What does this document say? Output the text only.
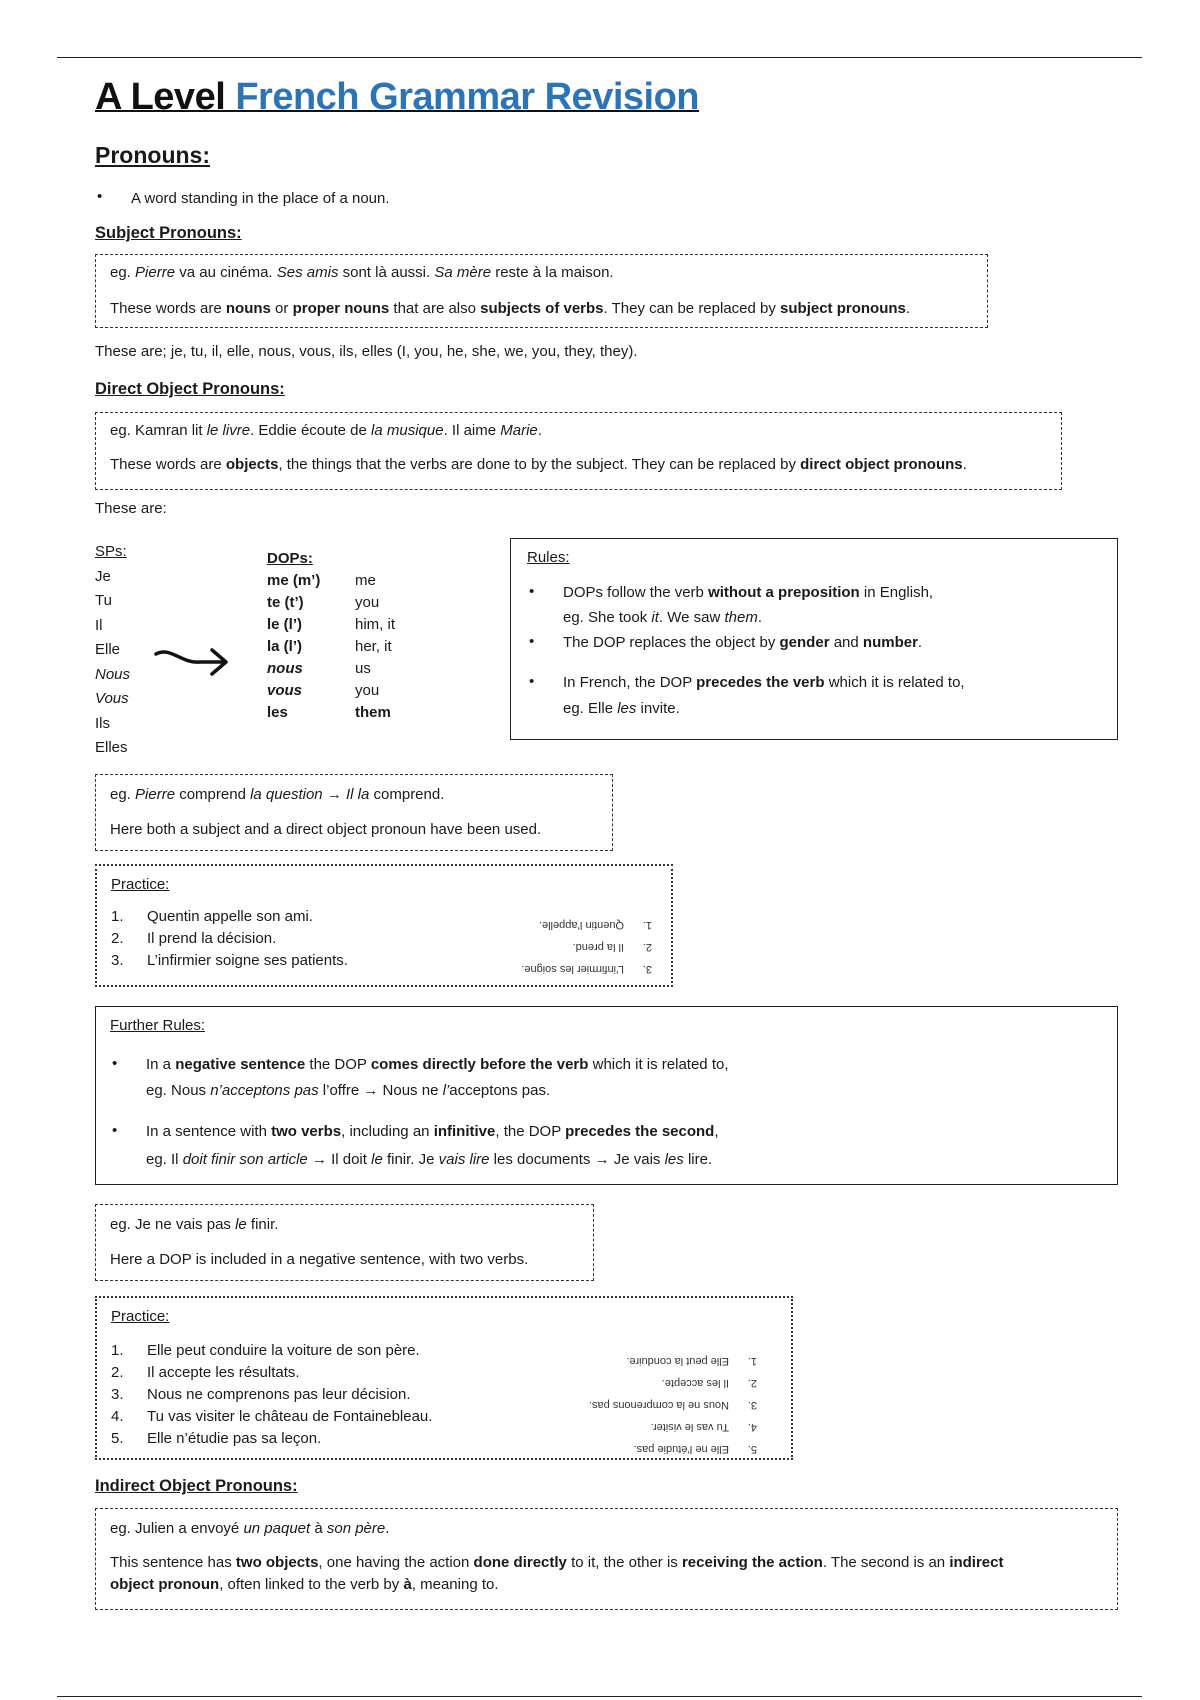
A Level French Grammar Revision
Pronouns:
• A word standing in the place of a noun.

Subject Pronouns:

eg. Pierre va au cinéma. Ses amis sont là aussi. Sa mère reste à la maison.

These words are nouns or proper nouns that are also subjects of verbs. They can be replaced by subject pronouns.

These are; je, tu, il, elle, nous, vous, ils, elles (I, you, he, she, we, you, they, they).

Direct Object Pronouns:

eg. Kamran lit le livre. Eddie écoute de la musique. Il aime Marie.

These words are objects, the things that the verbs are done to by the subject. They can be replaced by direct object pronouns.

These are:

SPs:
Je
Tu
Il
Elle
Nous
Vous
Ils
Elles
DOPs:
me (m’)
te (t’)
le (l’)
la (l’)
nous
vous
les
me
you
him, it
her, it
us
you
them

Rules:

• DOPs follow the verb without a preposition in English,

eg. She took it. We saw them.

• The DOP replaces the object by gender and number.

• In French, the DOP precedes the verb which it is related to,

eg. Elle les invite.

eg. Pierre comprend la question → Il la comprend.

Here both a subject and a direct object pronoun have been used.

Practice:

1. Quentin appelle son ami.
2. Il prend la décision.
3. L’infirmier soigne ses patients.	3.L’infirmier les soigne.
2.Il la prend.
1.Quentin l’appelle.

Further Rules:

• In a negative sentence the DOP comes directly before the verb which it is related to,

eg. Nous n’acceptons pas l’offre → Nous ne l’acceptons pas.

• In a sentence with two verbs, including an infinitive, the DOP precedes the second,

eg. Il doit finir son article → Il doit le finir. Je vais lire les documents → Je vais les lire.

eg. Je ne vais pas le finir.

Here a DOP is included in a negative sentence, with two verbs.

Practice:

1. Elle peut conduire la voiture de son père.
2. Il accepte les résultats.
3. Nous ne comprenons pas leur décision.
4. Tu vas visiter le château de Fontainebleau.
5. Elle n’étudie pas sa leçon.
5.Elle ne l’étudie pas.
4.Tu vas le visiter.
3.Nous ne la comprenons pas.
2.Il les accepte.
1.Elle peut la conduire.
Indirect Object Pronouns:

eg. Julien a envoyé un paquet à son père.

This sentence has two objects, one having the action done directly to it, the other is receiving the action. The second is an indirect

object pronoun, often linked to the verb by à, meaning to.
